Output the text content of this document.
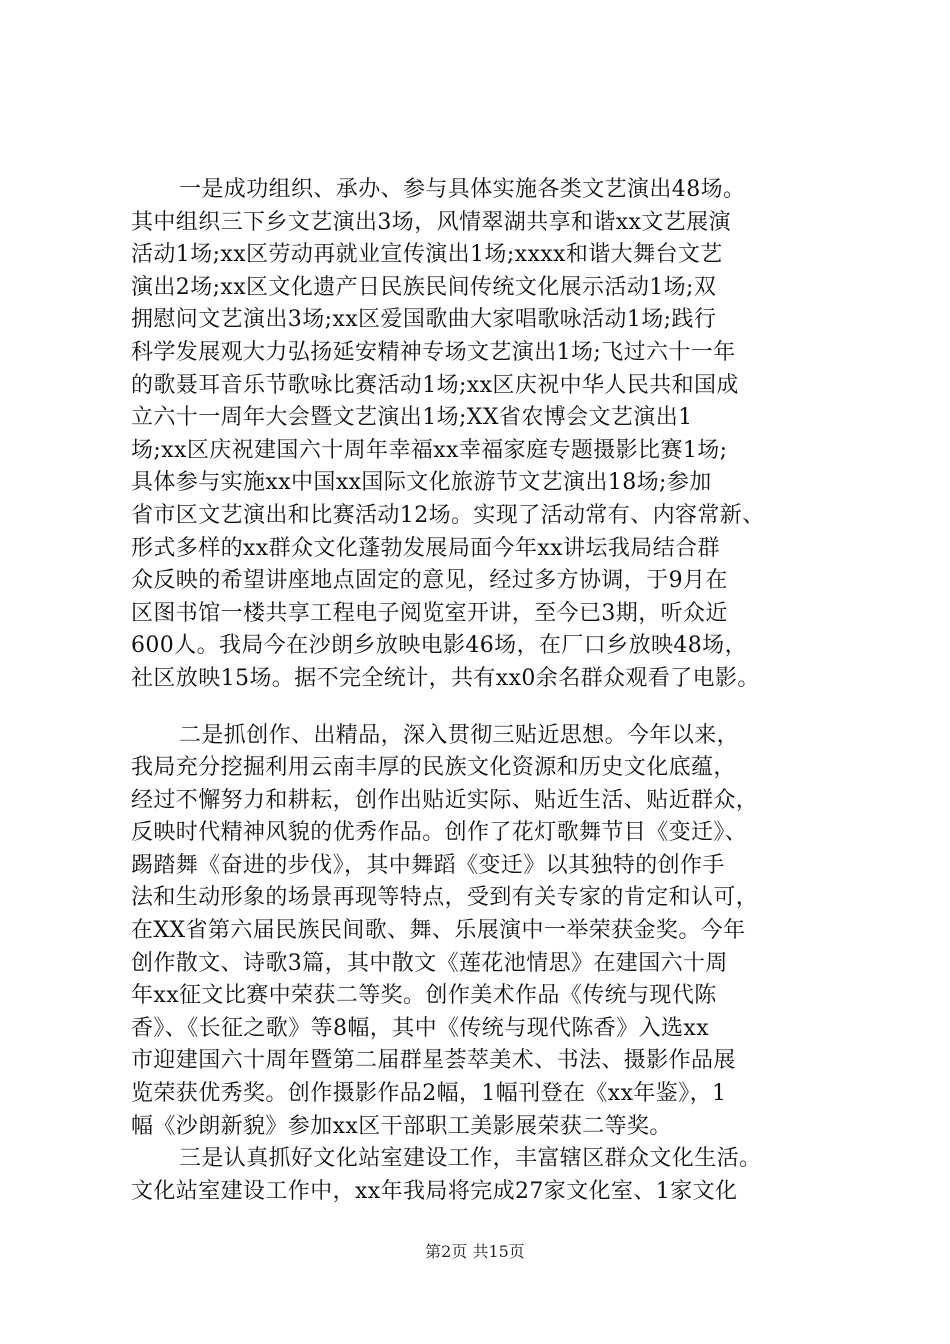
一是成功组织、承办、参与具体实施各类文艺演出48场。
其中组织三下乡文艺演出3场，风情翠湖共享和谐xx文艺展演
活动1场;xx区劳动再就业宣传演出1场;xxxx和谐大舞台文艺
演出2场;xx区文化遗产日民族民间传统文化展示活动1场;双
拥慰问文艺演出3场;xx区爱国歌曲大家唱歌咏活动1场;践行
科学发展观大力弘扬延安精神专场文艺演出1场;飞过六十一年
的歌聂耳音乐节歌咏比赛活动1场;xx区庆祝中华人民共和国成
立六十一周年大会暨文艺演出1场;XX省农博会文艺演出1
场;xx区庆祝建国六十周年幸福xx幸福家庭专题摄影比赛1场;
具体参与实施xx中国xx国际文化旅游节文艺演出18场;参加
省市区文艺演出和比赛活动12场。实现了活动常有、内容常新、
形式多样的xx群众文化蓬勃发展局面今年xx讲坛我局结合群
众反映的希望讲座地点固定的意见，经过多方协调，于9月在
区图书馆一楼共享工程电子阅览室开讲，至今已3期，听众近
600人。我局今在沙朗乡放映电影46场，在厂口乡放映48场，
社区放映15场。据不完全统计，共有xx0余名群众观看了电影。
二是抓创作、出精品，深入贯彻三贴近思想。今年以来，
我局充分挖掘利用云南丰厚的民族文化资源和历史文化底蕴，
经过不懈努力和耕耘，创作出贴近实际、贴近生活、贴近群众，
反映时代精神风貌的优秀作品。创作了花灯歌舞节目《变迁》、
踢踏舞《奋进的步伐》，其中舞蹈《变迁》以其独特的创作手
法和生动形象的场景再现等特点，受到有关专家的肯定和认可，
在XX省第六届民族民间歌、舞、乐展演中一举荣获金奖。今年
创作散文、诗歌3篇，其中散文《莲花池情思》在建国六十周
年xx征文比赛中荣获二等奖。创作美术作品《传统与现代陈
香》、《长征之歌》等8幅，其中《传统与现代陈香》入选xx
市迎建国六十周年暨第二届群星荟萃美术、书法、摄影作品展
览荣获优秀奖。创作摄影作品2幅，1幅刊登在《xx年鉴》，1
幅《沙朗新貌》参加xx区干部职工美影展荣获二等奖。
三是认真抓好文化站室建设工作，丰富辖区群众文化生活。
文化站室建设工作中，xx年我局将完成27家文化室、1家文化
第2页 共15页
